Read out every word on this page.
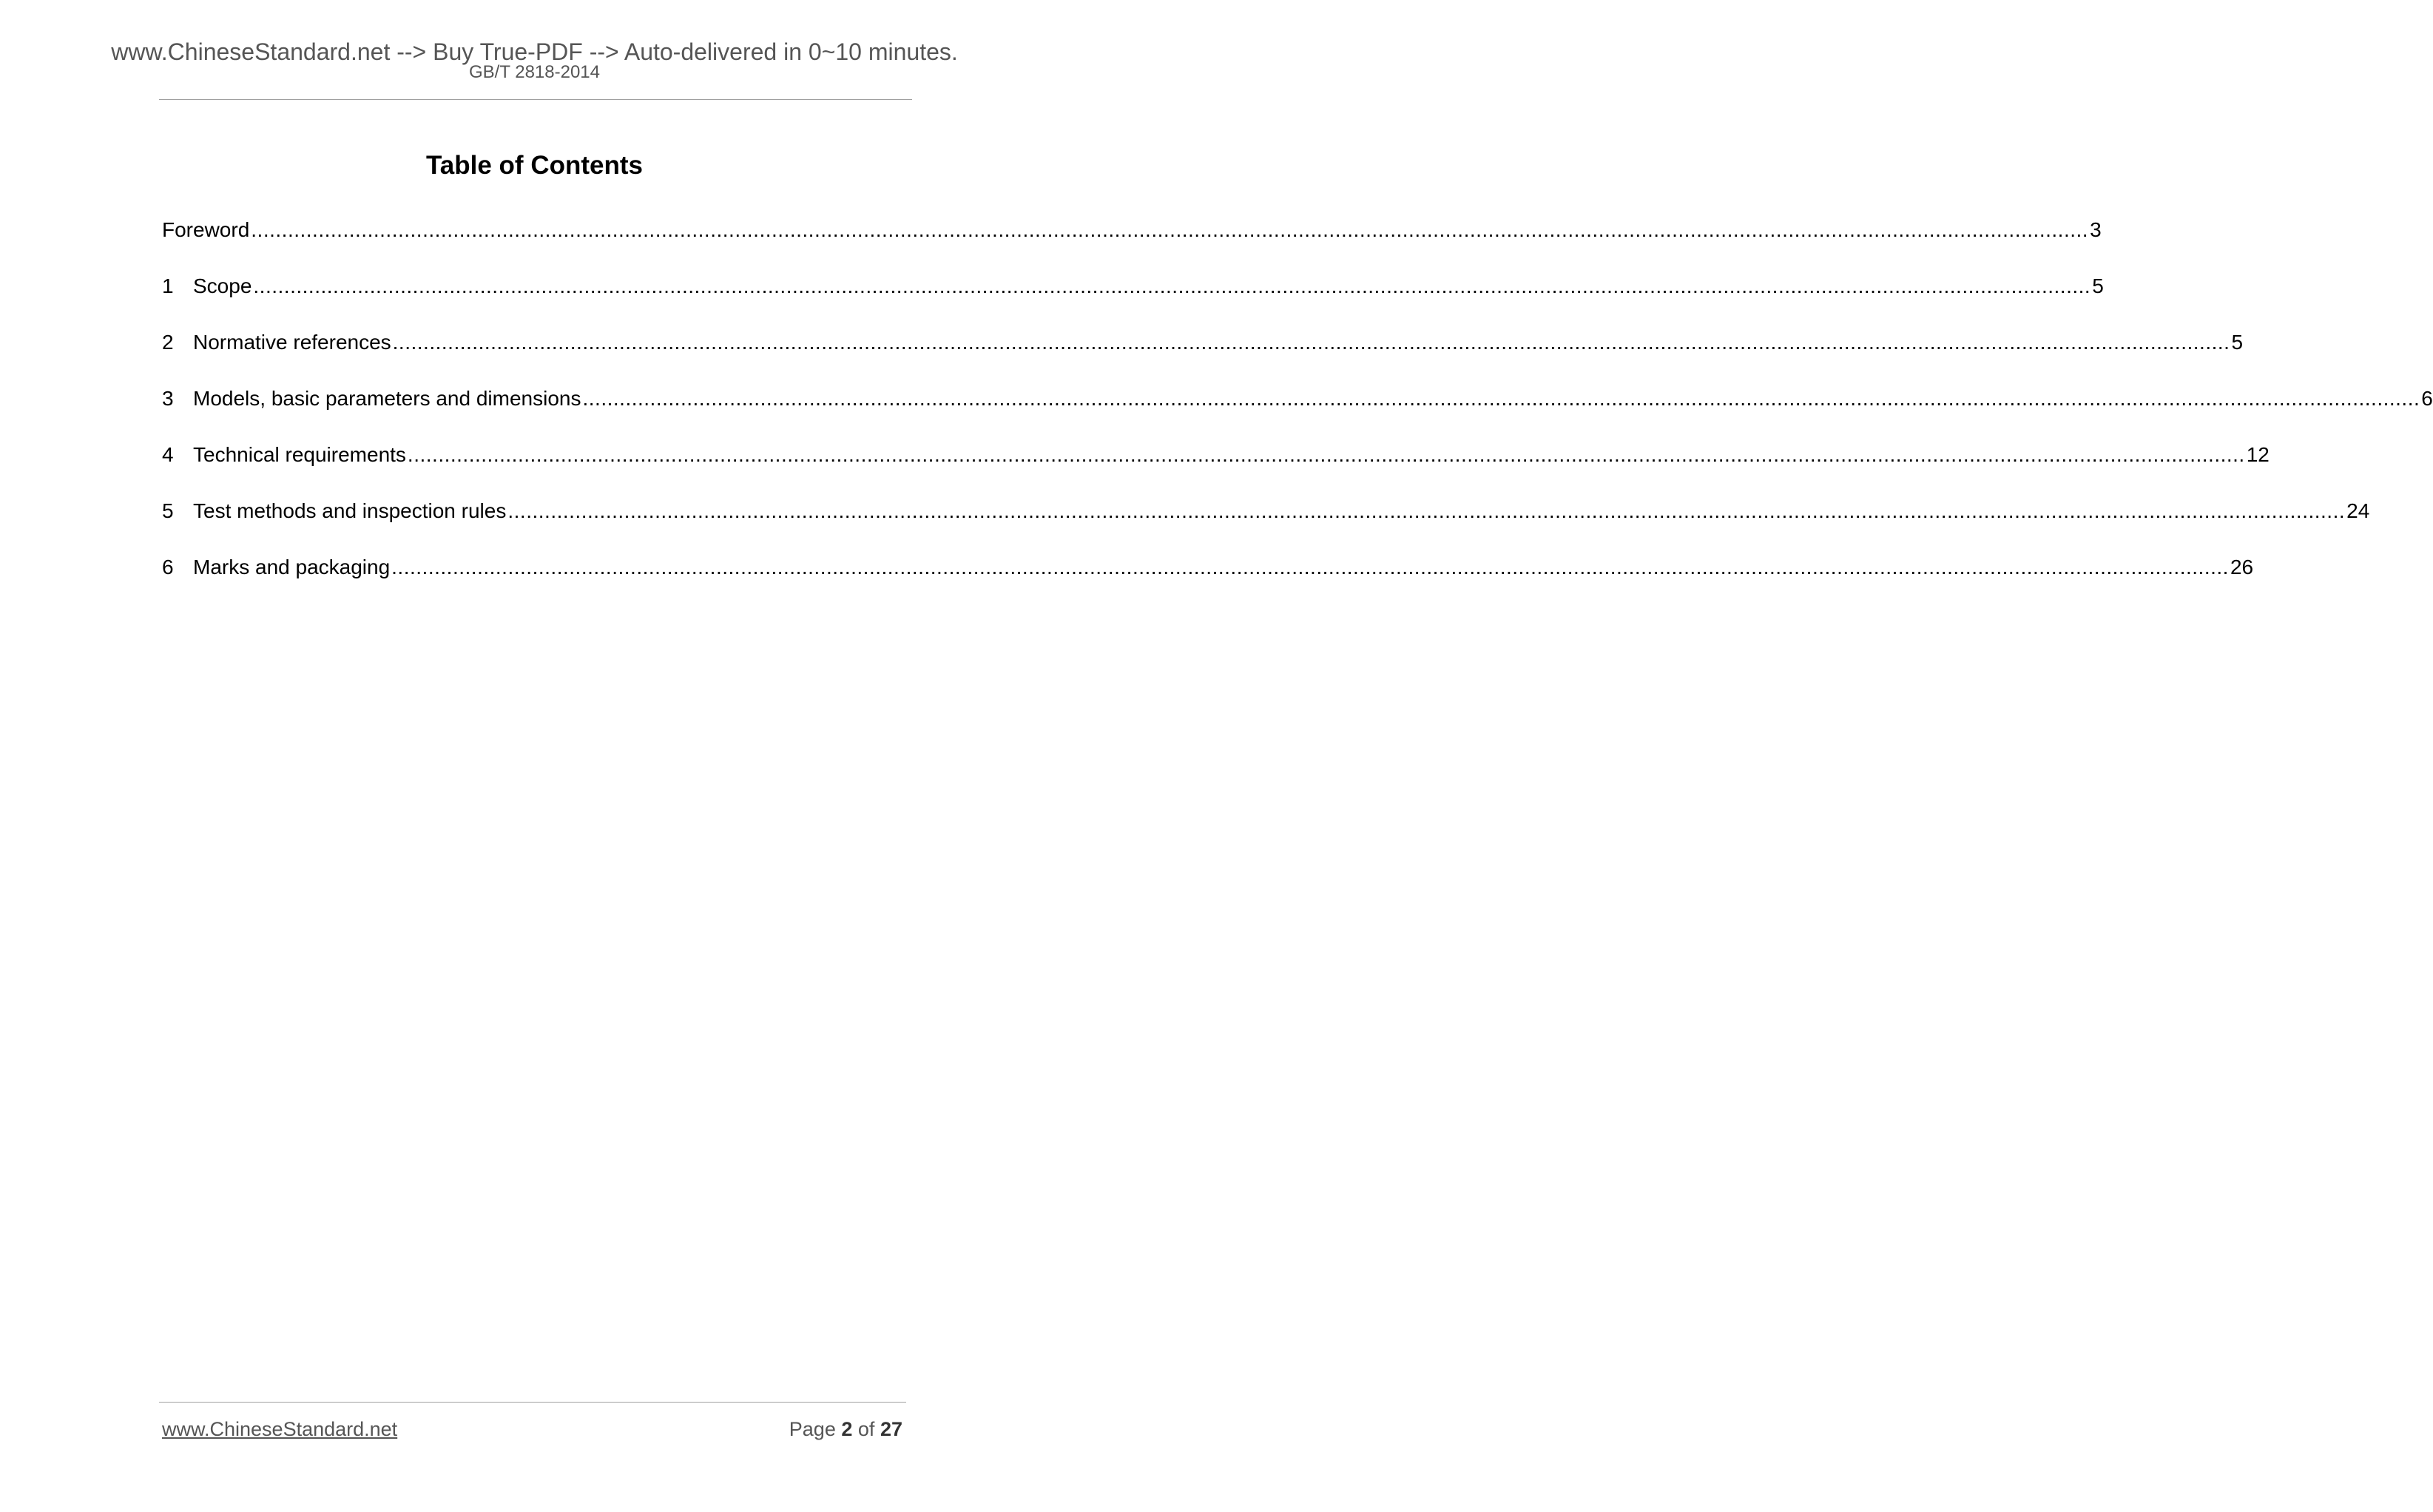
www.ChineseStandard.net --> Buy True-PDF --> Auto-delivered in 0~10 minutes.
GB/T 2818-2014
Table of Contents
Foreword ............................................................................................................................................................................................................................................................................................................ 3
1 Scope ............................................................................................................................................................................................................................................................................................................ 5
2 Normative references ............................................................................................................................................................................................................................................................................................................ 5
3 Models, basic parameters and dimensions ............................................................................................................................................................................................................................................................................................................ 6
4 Technical requirements ............................................................................................................................................................................................................................................................................................................ 12
5 Test methods and inspection rules ............................................................................................................................................................................................................................................................................................................ 24
6 Marks and packaging ............................................................................................................................................................................................................................................................................................................ 26
www.ChineseStandard.net	Page 2 of 27
